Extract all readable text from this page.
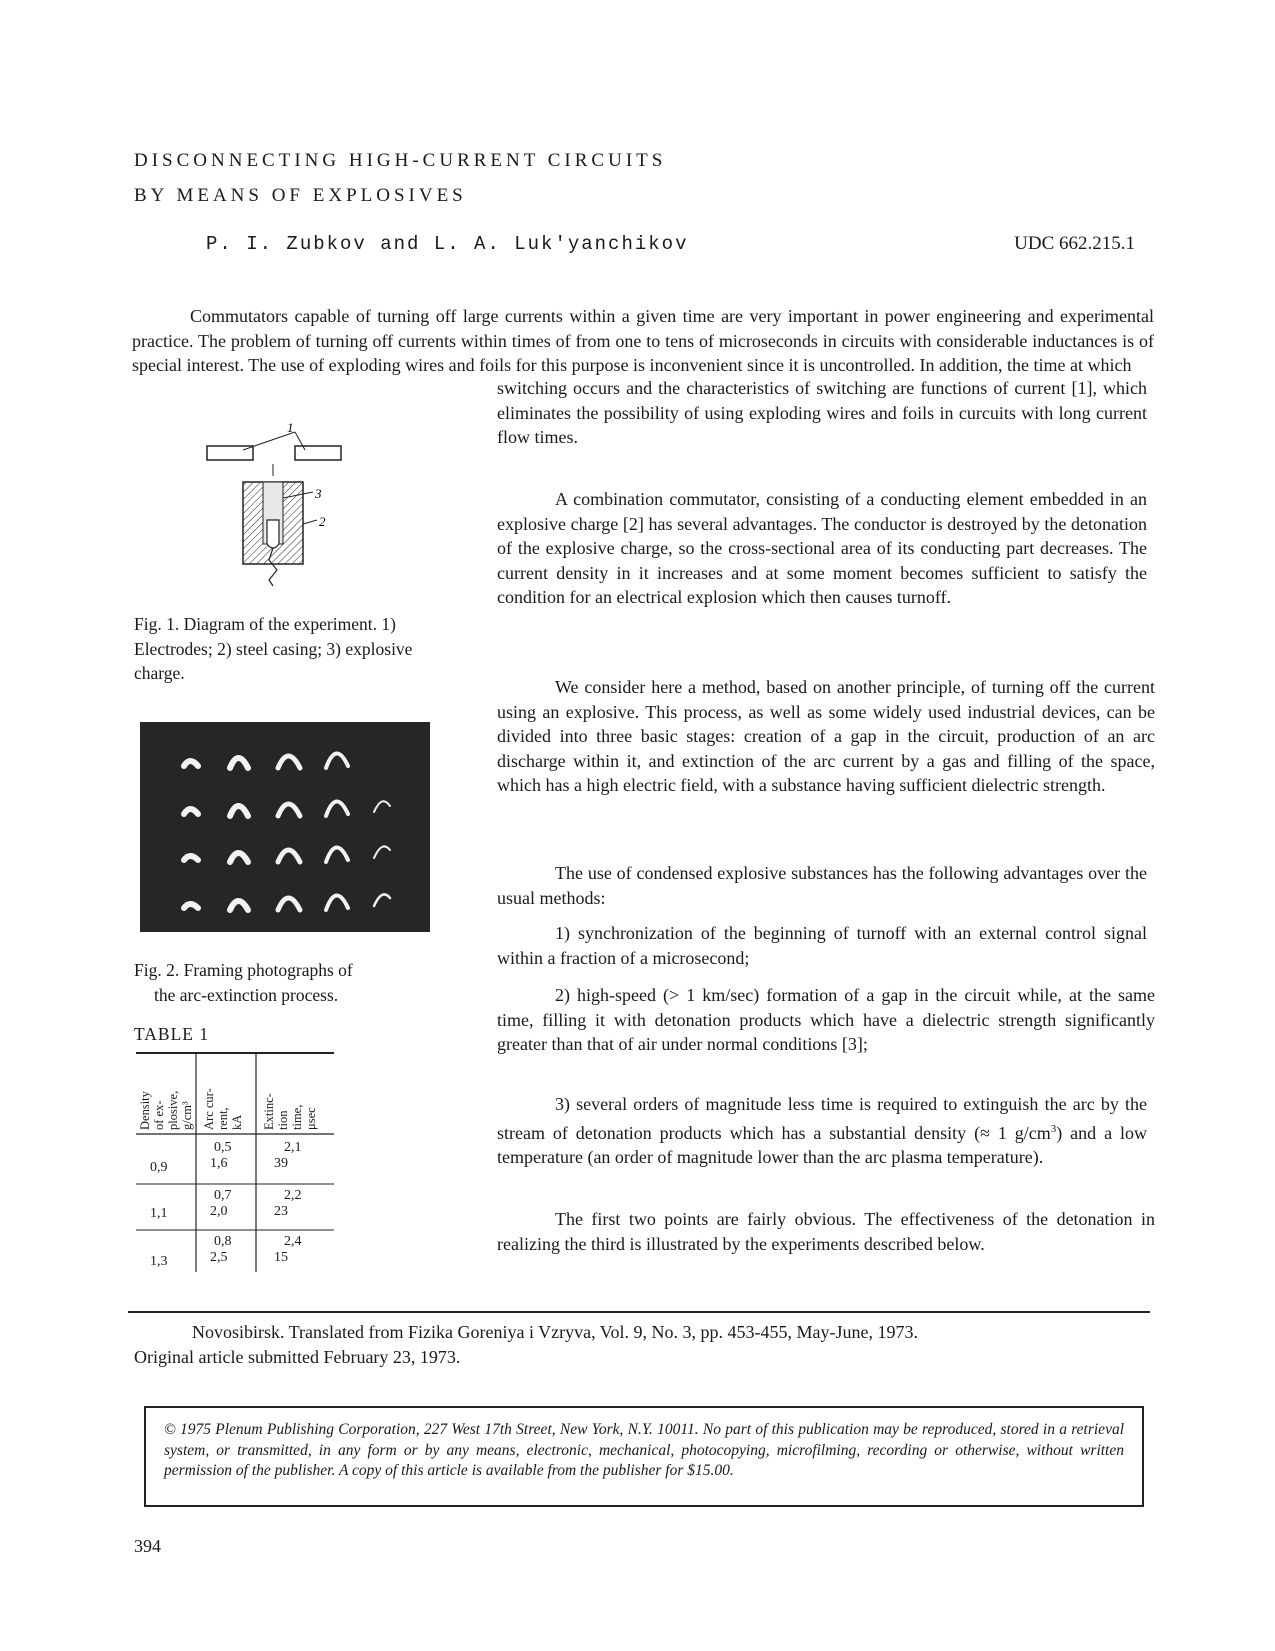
DISCONNECTING HIGH-CURRENT CIRCUITS
BY MEANS OF EXPLOSIVES
P. I. Zubkov and L. A. Luk'yanchikov	UDC 662.215.1
Commutators capable of turning off large currents within a given time are very important in power engineering and experimental practice. The problem of turning off currents within times of from one to tens of microseconds in circuits with considerable inductances is of special interest. The use of exploding wires and foils for this purpose is inconvenient since it is uncontrolled. In addition, the time at which
switching occurs and the characteristics of switching are functions of current [1], which eliminates the possibility of using exploding wires and foils in curcuits with long current flow times.
A combination commutator, consisting of a conducting element embedded in an explosive charge [2] has several advantages. The conductor is destroyed by the detonation of the explosive charge, so the cross-sectional area of its conducting part decreases. The current density in it increases and at some moment becomes sufficient to satisfy the condition for an electrical explosion which then causes turnoff.
We consider here a method, based on another principle, of turning off the current using an explosive. This process, as well as some widely used industrial devices, can be divided into three basic stages: creation of a gap in the circuit, production of an arc discharge within it, and extinction of the arc current by a gas and filling of the space, which has a high electric field, with a substance having sufficient dielectric strength.
The use of condensed explosive substances has the following advantages over the usual methods:
1) synchronization of the beginning of turnoff with an external control signal within a fraction of a microsecond;
2) high-speed (> 1 km/sec) formation of a gap in the circuit while, at the same time, filling it with detonation products which have a dielectric strength significantly greater than that of air under normal conditions [3];
3) several orders of magnitude less time is required to extinguish the arc by the stream of detonation products which has a substantial density (≈ 1 $g/cm^3$) and a low temperature (an order of magnitude lower than the arc plasma temperature).
The first two points are fairly obvious. The effectiveness of the detonation in realizing the third is illustrated by the experiments described below.
1
3
2
Fig. 1. Diagram of the experiment. 1) Electrodes; 2) steel casing; 3) explosive charge.
Fig. 2. Framing photographs of
the arc-extinction process.
TABLE 1
Density
of ex-
plosive,
g/cm³ Arc cur-
rent,
kA Extinc-
tion
time,
μsec
0,9
0,5
1,6
2,1
39
1,1
0,7
2,0
2,2
23
1,3
0,8
2,5
2,4
15
Novosibirsk. Translated from Fizika Goreniya i Vzryva, Vol. 9, No. 3, pp. 453-455, May-June, 1973.
Original article submitted February 23, 1973.

© 1975 Plenum Publishing Corporation, 227 West 17th Street, New York, N.Y. 10011. No part of this publication may be reproduced, stored in a retrieval system, or transmitted, in any form or by any means, electronic, mechanical, photocopying, microfilming, recording or otherwise, without written permission of the publisher. A copy of this article is available from the publisher for $15.00.

394
